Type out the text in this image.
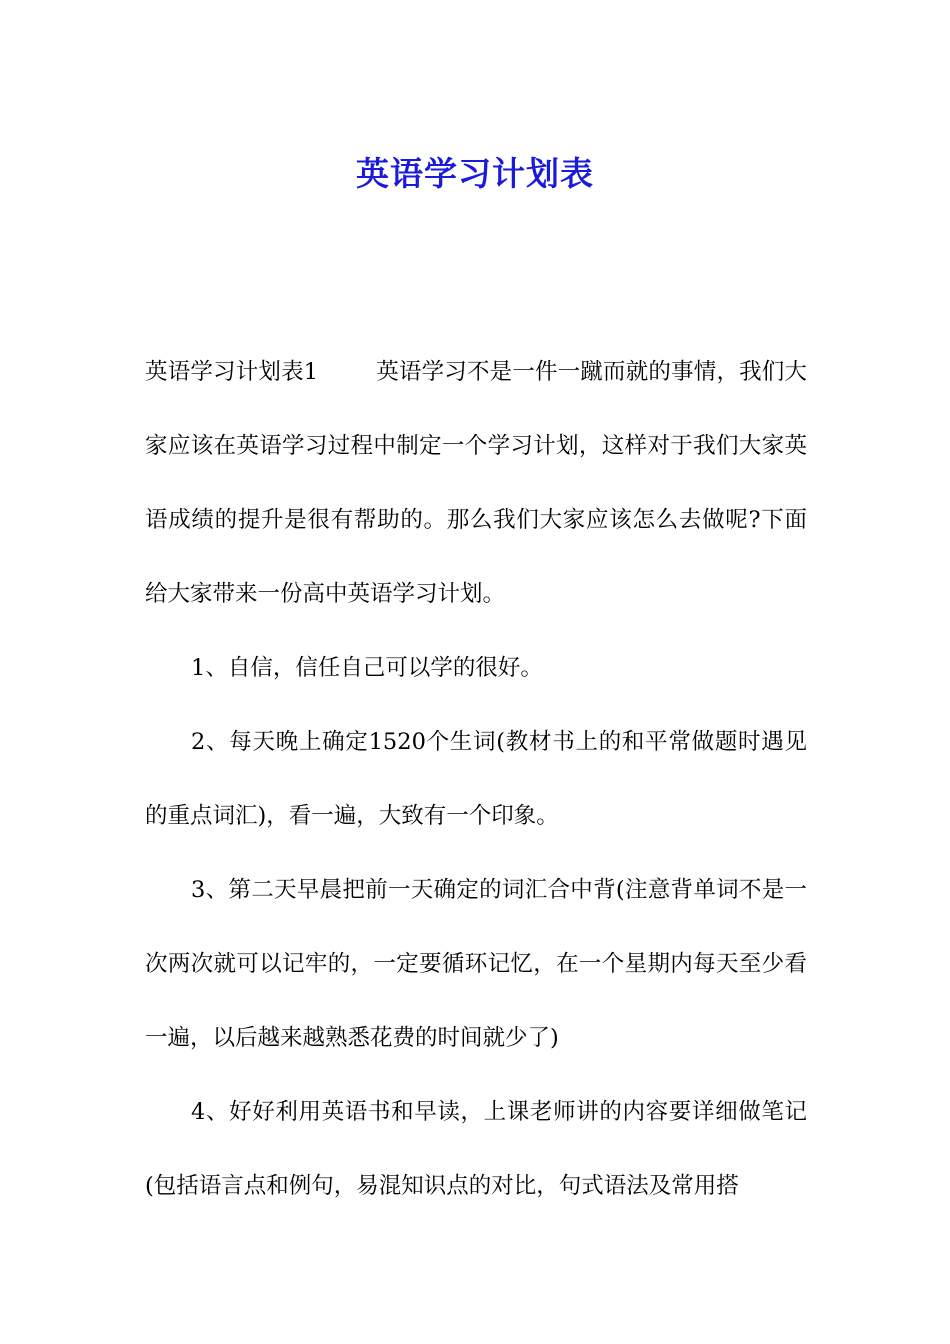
英语学习计划表

英语学习计划表1	英语学习不是一件一蹴而就的事情，我们大家应该在英语学习过程中制定一个学习计划，这样对于我们大家英语成绩的提升是很有帮助的。那么我们大家应该怎么去做呢?下面给大家带来一份高中英语学习计划。

1、自信，信任自己可以学的很好。

2、每天晚上确定1520个生词(教材书上的和平常做题时遇见的重点词汇)，看一遍，大致有一个印象。

3、第二天早晨把前一天确定的词汇合中背(注意背单词不是一次两次就可以记牢的，一定要循环记忆，在一个星期内每天至少看一遍，以后越来越熟悉花费的时间就少了)

4、好好利用英语书和早读，上课老师讲的内容要详细做笔记(包括语言点和例句，易混知识点的对比，句式语法及常用搭
